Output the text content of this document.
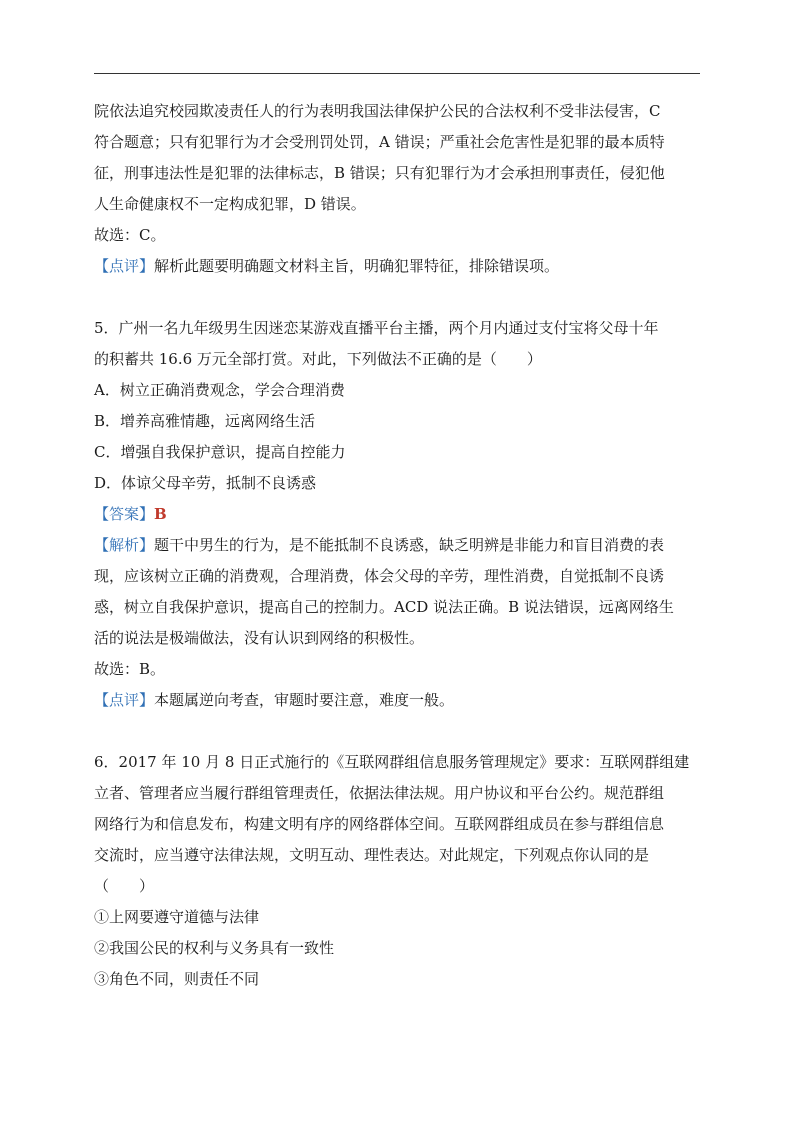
院依法追究校园欺凌责任人的行为表明我国法律保护公民的合法权利不受非法侵害，C

符合题意；只有犯罪行为才会受刑罚处罚，A 错误；严重社会危害性是犯罪的最本质特

征，刑事违法性是犯罪的法律标志，B 错误；只有犯罪行为才会承担刑事责任，侵犯他

人生命健康权不一定构成犯罪，D 错误。

故选：C。

【点评】解析此题要明确题文材料主旨，明确犯罪特征，排除错误项。

5．广州一名九年级男生因迷恋某游戏直播平台主播，两个月内通过支付宝将父母十年

的积蓄共 16.6 万元全部打赏。对此，下列做法不正确的是（　　）

A．树立正确消费观念，学会合理消费

B．增养高雅情趣，远离网络生活

C．增强自我保护意识，提高自控能力

D．体谅父母辛劳，抵制不良诱惑

【答案】B

【解析】题干中男生的行为，是不能抵制不良诱惑，缺乏明辨是非能力和盲目消费的表

现，应该树立正确的消费观，合理消费，体会父母的辛劳，理性消费，自觉抵制不良诱

惑，树立自我保护意识，提高自己的控制力。ACD 说法正确。B 说法错误，远离网络生

活的说法是极端做法，没有认识到网络的积极性。

故选：B。

【点评】本题属逆向考查，审题时要注意，难度一般。

6．2017 年 10 月 8 日正式施行的《互联网群组信息服务管理规定》要求：互联网群组建

立者、管理者应当履行群组管理责任，依据法律法规。用户协议和平台公约。规范群组

网络行为和信息发布，构建文明有序的网络群体空间。互联网群组成员在参与群组信息

交流时，应当遵守法律法规，文明互动、理性表达。对此规定，下列观点你认同的是

（　　）

①上网要遵守道德与法律

②我国公民的权利与义务具有一致性

③角色不同，则责任不同
